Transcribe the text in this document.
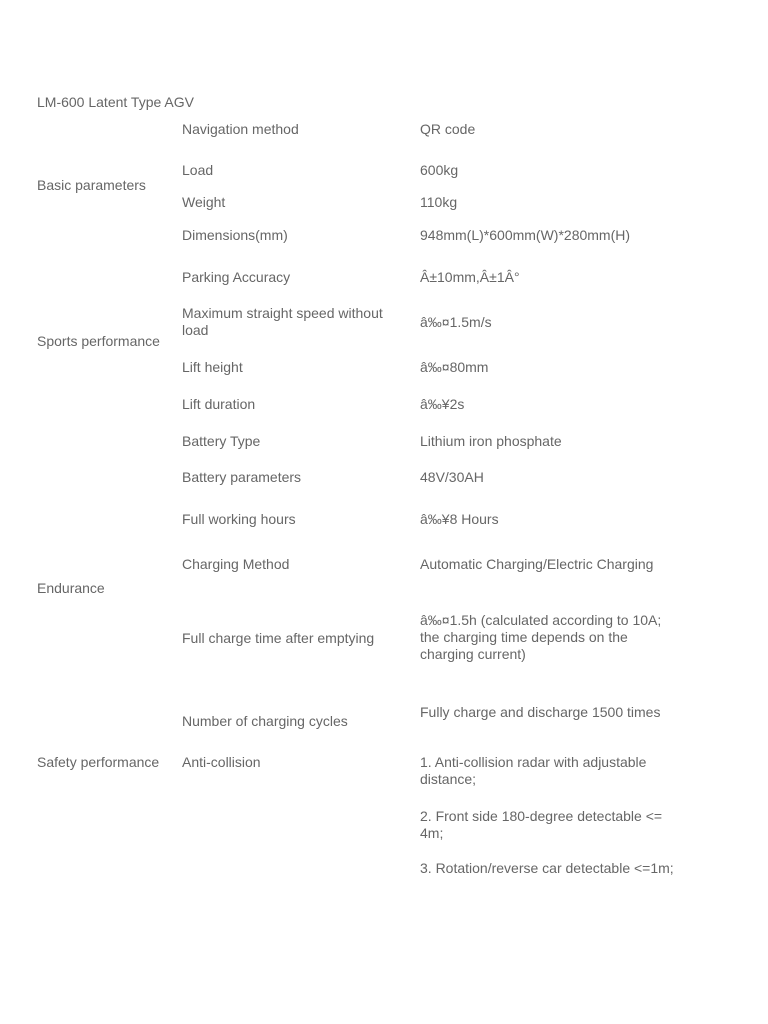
LM-600 Latent Type AGV
Basic parameters
Sports performance
Endurance
Safety performance
Navigation method
Load
Weight
Dimensions(mm)
Parking Accuracy
Maximum straight speed without load
Lift height
Lift duration
Battery Type
Battery parameters
Full working hours
Charging Method
Full charge time after emptying
Number of charging cycles
Anti-collision
QR code
600kg
110kg
948mm(L)*600mm(W)*280mm(H)
Â±10mm,Â±1Â°
â‰¤1.5m/s
â‰¤80mm
â‰¥2s
Lithium iron phosphate
48V/30AH
â‰¥8 Hours
Automatic Charging/Electric Charging
â‰¤1.5h (calculated according to 10A; the charging time depends on the charging current)
Fully charge and discharge 1500 times
1. Anti-collision radar with adjustable distance;
2. Front side 180-degree detectable <= 4m;
3. Rotation/reverse car detectable <=1m;
